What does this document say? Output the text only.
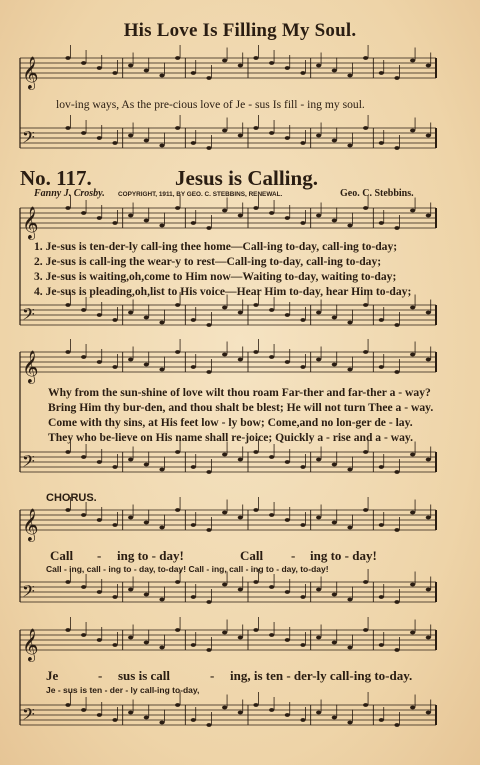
𝄞
𝄢
𝄞
𝄢
𝄞
𝄢
𝄞
𝄢
𝄞
𝄢
His Love Is Filling My Soul.
lov-ing ways, As the pre-cious love of Je - sus Is fill - ing my soul.
No. 117.	Jesus is Calling.
Fanny J. Crosby. COPYRIGHT, 1911, BY GEO. C. STEBBINS, RENEWAL.	Geo. C. Stebbins.
1. Je-sus is ten-der-ly call-ing thee home—Call-ing to-day, call-ing to-day;
2. Je-sus is call-ing the wear-y to rest—Call-ing to-day, call-ing to-day;
3. Je-sus is waiting,oh,come to Him now—Waiting to-day, waiting to-day;
4. Je-sus is pleading,oh,list to His voice—Hear Him to-day, hear Him to-day;
Why from the sun-shine of love wilt thou roam Far-ther and far-ther a - way?
Bring Him thy bur-den, and thou shalt be blest; He will not turn Thee a - way.
Come with thy sins, at His feet low - ly bow; Come,and no lon-ger de - lay.
They who be-lieve on His name shall re-joice; Quickly a - rise and a - way.
CHORUS.
Call - ing to - day!	Call - ing to - day!
Call - ing, call - ing to - day, to-day! Call - ing, call - ing to - day, to-day!
Je	- sus is call	- ing, is ten - der-ly call-ing to-day.
Je - sus is ten - der - ly call-ing to-day,
